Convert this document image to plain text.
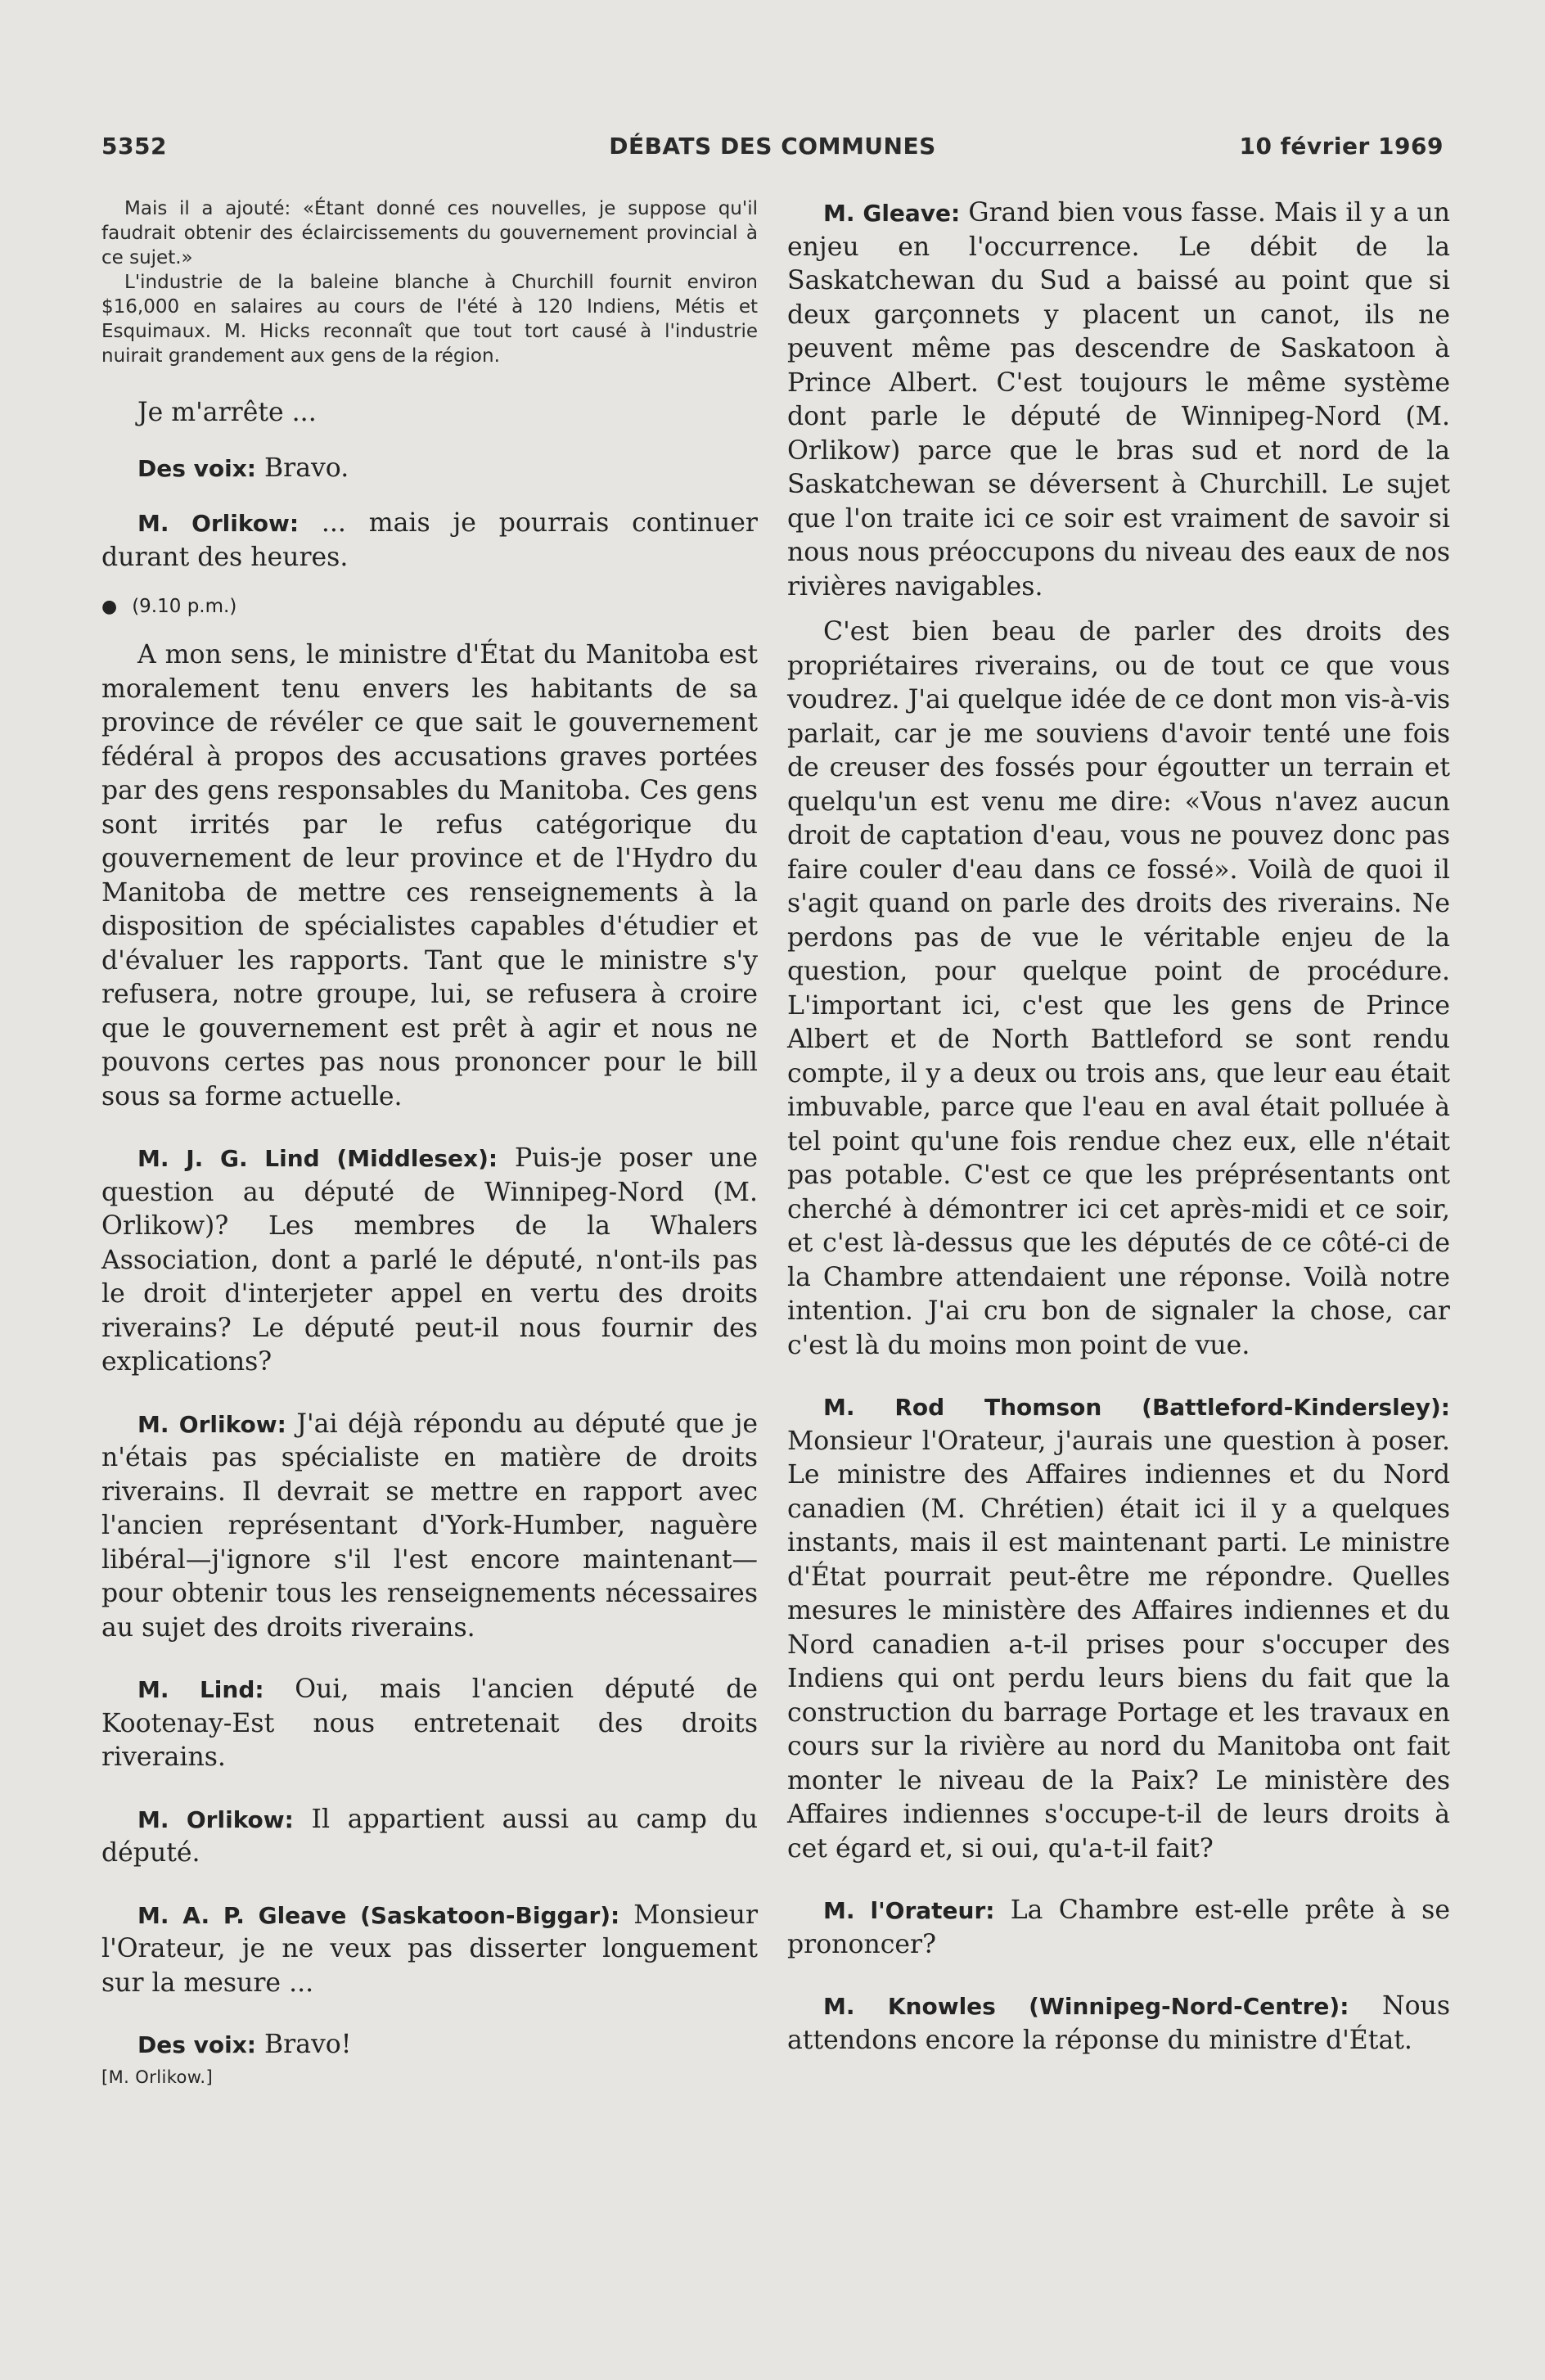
5352	DÉBATS DES COMMUNES	10 février 1969

Mais il a ajouté: «Étant donné ces nouvelles, je suppose qu'il faudrait obtenir des éclaircissements du gouvernement provincial à ce sujet.»

L'industrie de la baleine blanche à Churchill fournit environ $16,000 en salaires au cours de l'été à 120 Indiens, Métis et Esquimaux. M. Hicks reconnaît que tout tort causé à l'industrie nuirait grandement aux gens de la région.

Je m'arrête ...

Des voix: Bravo.

M. Orlikow: ... mais je pourrais continuer durant des heures.

● (9.10 p.m.)

A mon sens, le ministre d'État du Manitoba est moralement tenu envers les habitants de sa province de révéler ce que sait le gouvernement fédéral à propos des accusations graves portées par des gens responsables du Manitoba. Ces gens sont irrités par le refus catégorique du gouvernement de leur province et de l'Hydro du Manitoba de mettre ces renseignements à la disposition de spécialistes capables d'étudier et d'évaluer les rapports. Tant que le ministre s'y refusera, notre groupe, lui, se refusera à croire que le gouvernement est prêt à agir et nous ne pouvons certes pas nous prononcer pour le bill sous sa forme actuelle.

M. J. G. Lind (Middlesex): Puis-je poser une question au député de Winnipeg-Nord (M. Orlikow)? Les membres de la Whalers Association, dont a parlé le député, n'ont-ils pas le droit d'interjeter appel en vertu des droits riverains? Le député peut-il nous fournir des explications?

M. Orlikow: J'ai déjà répondu au député que je n'étais pas spécialiste en matière de droits riverains. Il devrait se mettre en rapport avec l'ancien représentant d'York-Humber, naguère libéral—j'ignore s'il l'est encore maintenant—pour obtenir tous les renseignements nécessaires au sujet des droits riverains.

M. Lind: Oui, mais l'ancien député de Kootenay-Est nous entretenait des droits riverains.

M. Orlikow: Il appartient aussi au camp du député.

M. A. P. Gleave (Saskatoon-Biggar): Monsieur l'Orateur, je ne veux pas disserter longuement sur la mesure ...

Des voix: Bravo!

[M. Orlikow.]

M. Gleave: Grand bien vous fasse. Mais il y a un enjeu en l'occurrence. Le débit de la Saskatchewan du Sud a baissé au point que si deux garçonnets y placent un canot, ils ne peuvent même pas descendre de Saskatoon à Prince Albert. C'est toujours le même système dont parle le député de Winnipeg-Nord (M. Orlikow) parce que le bras sud et nord de la Saskatchewan se déversent à Churchill. Le sujet que l'on traite ici ce soir est vraiment de savoir si nous nous préoccupons du niveau des eaux de nos rivières navigables.

C'est bien beau de parler des droits des propriétaires riverains, ou de tout ce que vous voudrez. J'ai quelque idée de ce dont mon vis-à-vis parlait, car je me souviens d'avoir tenté une fois de creuser des fossés pour égoutter un terrain et quelqu'un est venu me dire: «Vous n'avez aucun droit de captation d'eau, vous ne pouvez donc pas faire couler d'eau dans ce fossé». Voilà de quoi il s'agit quand on parle des droits des riverains. Ne perdons pas de vue le véritable enjeu de la question, pour quelque point de procédure. L'important ici, c'est que les gens de Prince Albert et de North Battleford se sont rendu compte, il y a deux ou trois ans, que leur eau était imbuvable, parce que l'eau en aval était polluée à tel point qu'une fois rendue chez eux, elle n'était pas potable. C'est ce que les préprésentants ont cherché à démontrer ici cet après-midi et ce soir, et c'est là-dessus que les députés de ce côté-ci de la Chambre attendaient une réponse. Voilà notre intention. J'ai cru bon de signaler la chose, car c'est là du moins mon point de vue.

M. Rod Thomson (Battleford-Kindersley): Monsieur l'Orateur, j'aurais une question à poser. Le ministre des Affaires indiennes et du Nord canadien (M. Chrétien) était ici il y a quelques instants, mais il est maintenant parti. Le ministre d'État pourrait peut-être me répondre. Quelles mesures le ministère des Affaires indiennes et du Nord canadien a-t-il prises pour s'occuper des Indiens qui ont perdu leurs biens du fait que la construction du barrage Portage et les travaux en cours sur la rivière au nord du Manitoba ont fait monter le niveau de la Paix? Le ministère des Affaires indiennes s'occupe-t-il de leurs droits à cet égard et, si oui, qu'a-t-il fait?

M. l'Orateur: La Chambre est-elle prête à se prononcer?

M. Knowles (Winnipeg-Nord-Centre): Nous attendons encore la réponse du ministre d'État.
